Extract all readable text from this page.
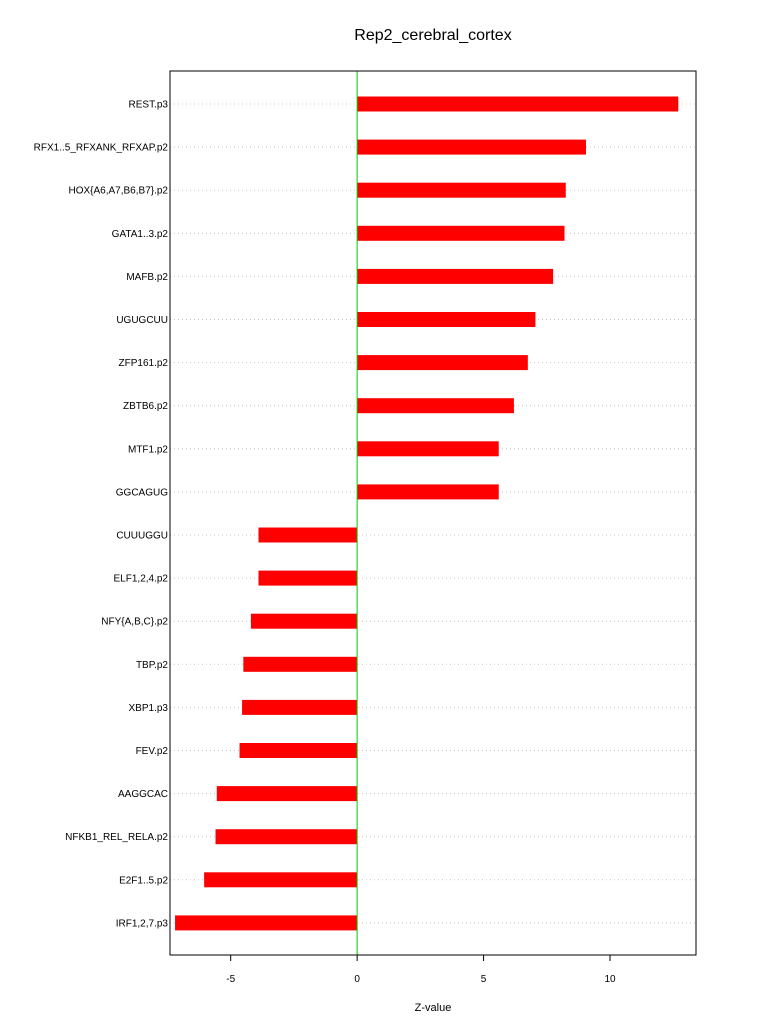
Rep2_cerebral_cortex
REST.p3
RFX1..5_RFXANK_RFXAP.p2
HOX{A6,A7,B6,B7}.p2
GATA1..3.p2
MAFB.p2
UGUGCUU
ZFP161.p2
ZBTB6.p2
MTF1.p2
GGCAGUG
CUUUGGU
ELF1,2,4.p2
NFY{A,B,C}.p2
TBP.p2
XBP1.p3
FEV.p2
AAGGCAC
NFKB1_REL_RELA.p2
E2F1..5.p2
IRF1,2,7.p3
-5	0	5	10
Z-value
